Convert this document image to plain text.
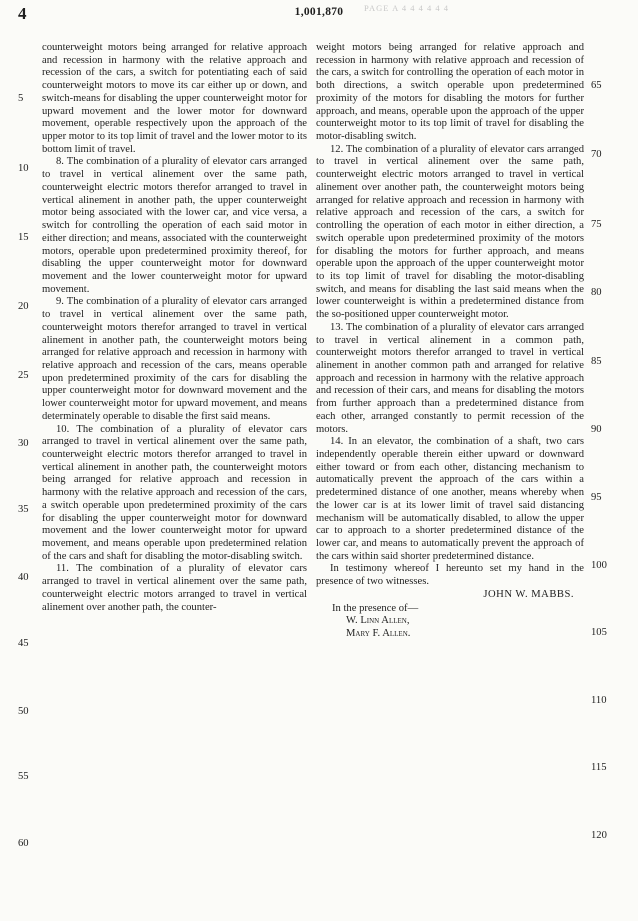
4	1,001,870	PAGE A 4 4 4 4 4 4

counterweight motors being arranged for relative approach and recession in harmony with the relative approach and recession of the cars, a switch for potentiating each of said counterweight motors to move its car either up or down, and switch-means for disabling the upper counterweight motor for upward movement and the lower motor for downward movement, operable respectively upon the approach of the upper motor to its top limit of travel and the lower motor to its bottom limit of travel.

8. The combination of a plurality of elevator cars arranged to travel in vertical alinement over the same path, counterweight electric motors therefor arranged to travel in vertical alinement in another path, the upper counterweight motor being associated with the lower car, and vice versa, a switch for controlling the operation of each said motor in either direction; and means, associated with the counterweight motors, operable upon predetermined proximity thereof, for disabling the upper counterweight motor for downward movement and the lower counterweight motor for upward movement.

9. The combination of a plurality of elevator cars arranged to travel in vertical alinement over the same path, counterweight motors therefor arranged to travel in vertical alinement in another path, the counterweight motors being arranged for relative approach and recession in harmony with relative approach and recession of the cars, means operable upon predetermined proximity of the cars for disabling the upper counterweight motor for downward movement and the lower counterweight motor for upward movement, and means determinately operable to disable the first said means.

10. The combination of a plurality of elevator cars arranged to travel in vertical alinement over the same path, counterweight electric motors therefor arranged to travel in vertical alinement in another path, the counterweight motors being arranged for relative approach and recession in harmony with the relative approach and recession of the cars, a switch operable upon predetermined proximity of the cars for disabling the upper counterweight motor for downward movement and the lower counterweight motor for upward movement, and means operable upon predetermined relation of the cars and shaft for disabling the motor-disabling switch.

11. The combination of a plurality of elevator cars arranged to travel in vertical alinement over the same path, counterweight electric motors arranged to travel in vertical alinement over another path, the counter-

weight motors being arranged for relative approach and recession in harmony with relative approach and recession of the cars, a switch for controlling the operation of each motor in both directions, a switch operable upon predetermined proximity of the motors for disabling the motors for further approach, and means, operable upon the approach of the upper counterweight motor to its top limit of travel for disabling the motor-disabling switch.

12. The combination of a plurality of elevator cars arranged to travel in vertical alinement over the same path, counterweight electric motors arranged to travel in vertical alinement over another path, the counterweight motors being arranged for relative approach and recession in harmony with relative approach and recession of the cars, a switch for controlling the operation of each motor in either direction, a switch operable upon predetermined proximity of the motors for disabling the motors for further approach, and means operable upon the approach of the upper counterweight motor to its top limit of travel for disabling the motor-disabling switch, and means for disabling the last said means when the lower counterweight is within a predetermined distance from the so-positioned upper counterweight motor.

13. The combination of a plurality of elevator cars arranged to travel in vertical alinement in a common path, counterweight motors therefor arranged to travel in vertical alinement in another common path and arranged for relative approach and recession in harmony with the relative approach and recession of their cars, and means for disabling the motors from further approach than a predetermined distance from each other, arranged constantly to permit recession of the motors.

14. In an elevator, the combination of a shaft, two cars independently operable therein either upward or downward either toward or from each other, distancing mechanism to automatically prevent the approach of the cars within a predetermined distance of one another, means whereby when the lower car is at its lower limit of travel said distancing mechanism will be automatically disabled, to allow the upper car to approach to a shorter predetermined distance of the lower car, and means to automatically prevent the approach of the cars within said shorter predetermined distance.

In testimony whereof I hereunto set my hand in the presence of two witnesses.

JOHN W. MABBS.
In the presence of—
W. Linn Allen,
Mary F. Allen.
5
10
15
20
25
30
35
40
45
50
55
60
65
70
75
80
85
90
95
100
105
110
115
120
